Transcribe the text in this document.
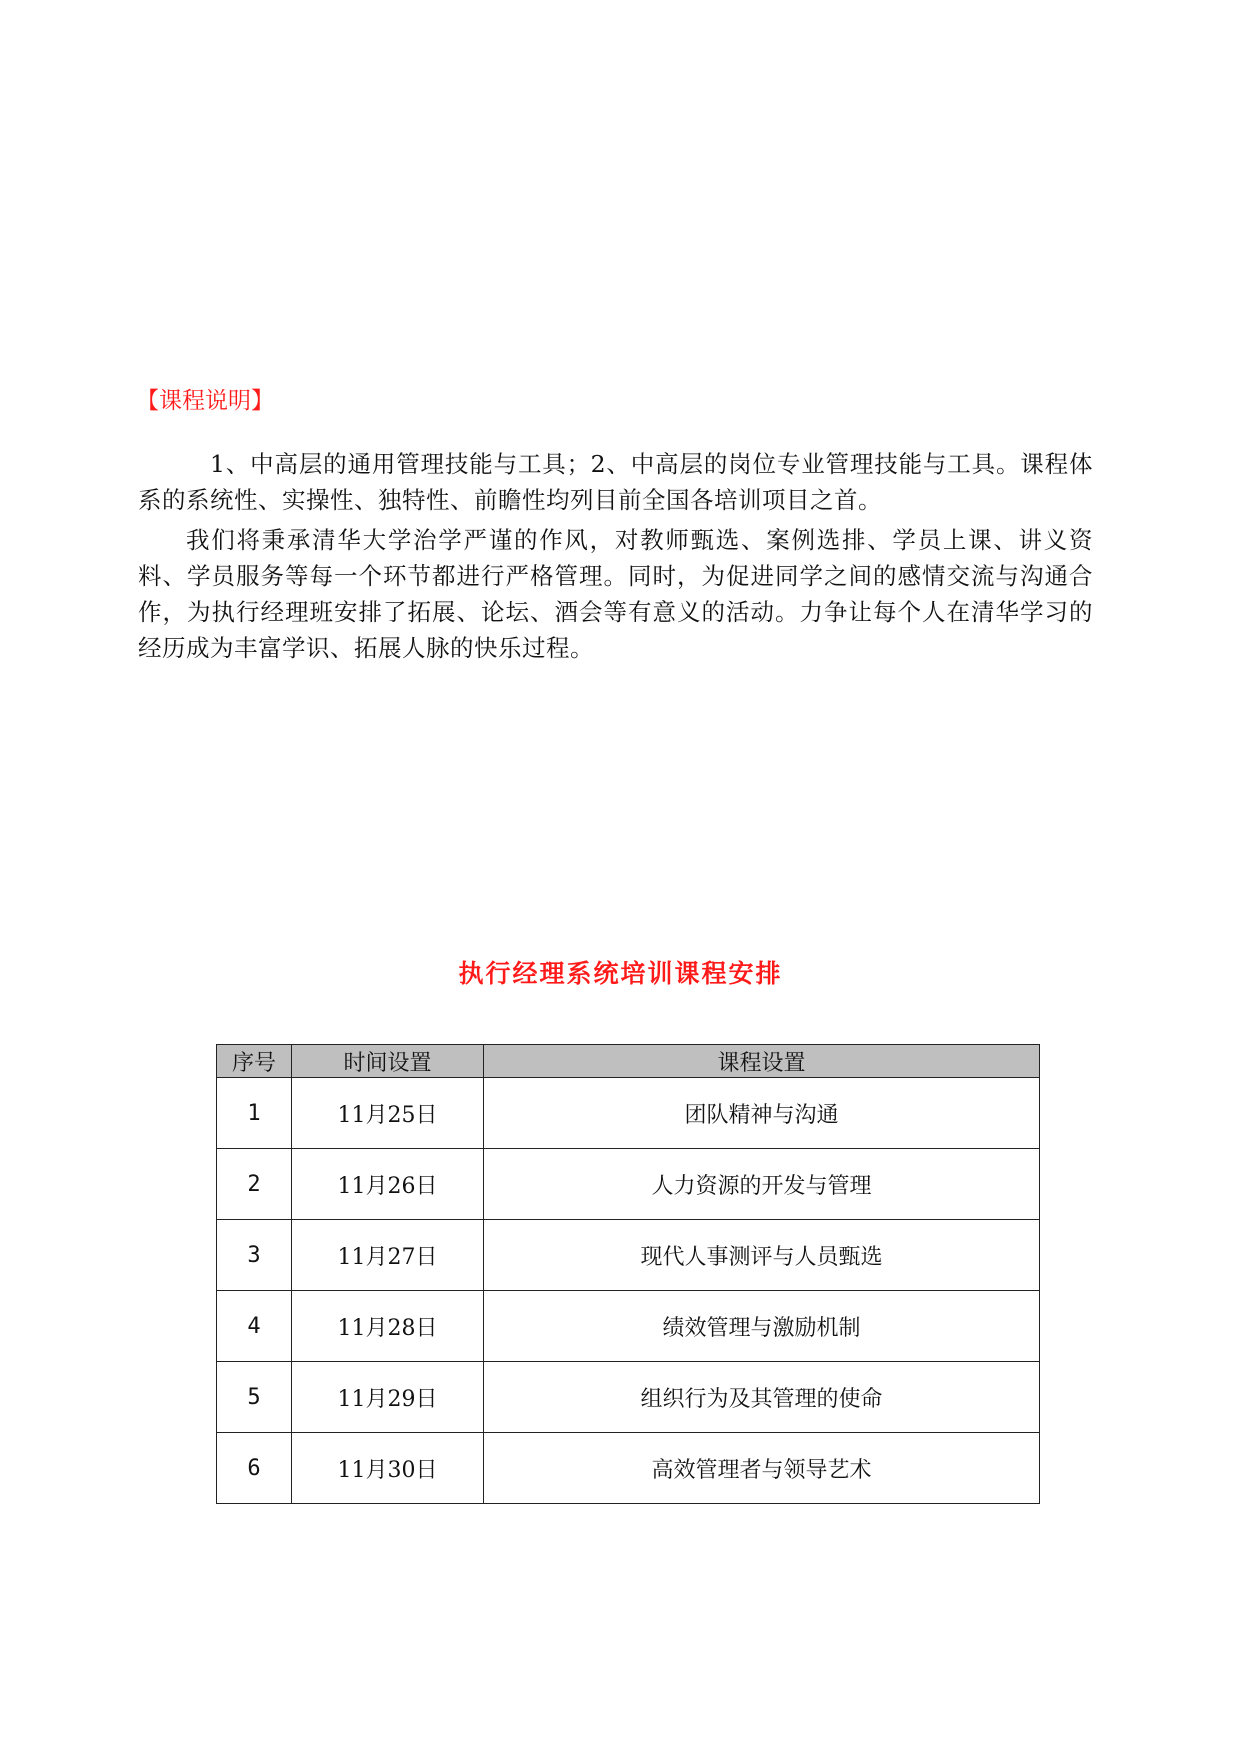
【课程说明】

1、中高层的通用管理技能与工具；2、中高层的岗位专业管理技能与工具。课程体系的系统性、实操性、独特性、前瞻性均列目前全国各培训项目之首。

我们将秉承清华大学治学严谨的作风，对教师甄选、案例选排、学员上课、讲义资料、学员服务等每一个环节都进行严格管理。同时，为促进同学之间的感情交流与沟通合作，为执行经理班安排了拓展、论坛、酒会等有意义的活动。力争让每个人在清华学习的经历成为丰富学识、拓展人脉的快乐过程。

执行经理系统培训课程安排
序号	时间设置	课程设置
1	11月25日	团队精神与沟通
2	11月26日	人力资源的开发与管理
3	11月27日	现代人事测评与人员甄选
4	11月28日	绩效管理与激励机制
5	11月29日	组织行为及其管理的使命
6	11月30日	高效管理者与领导艺术
